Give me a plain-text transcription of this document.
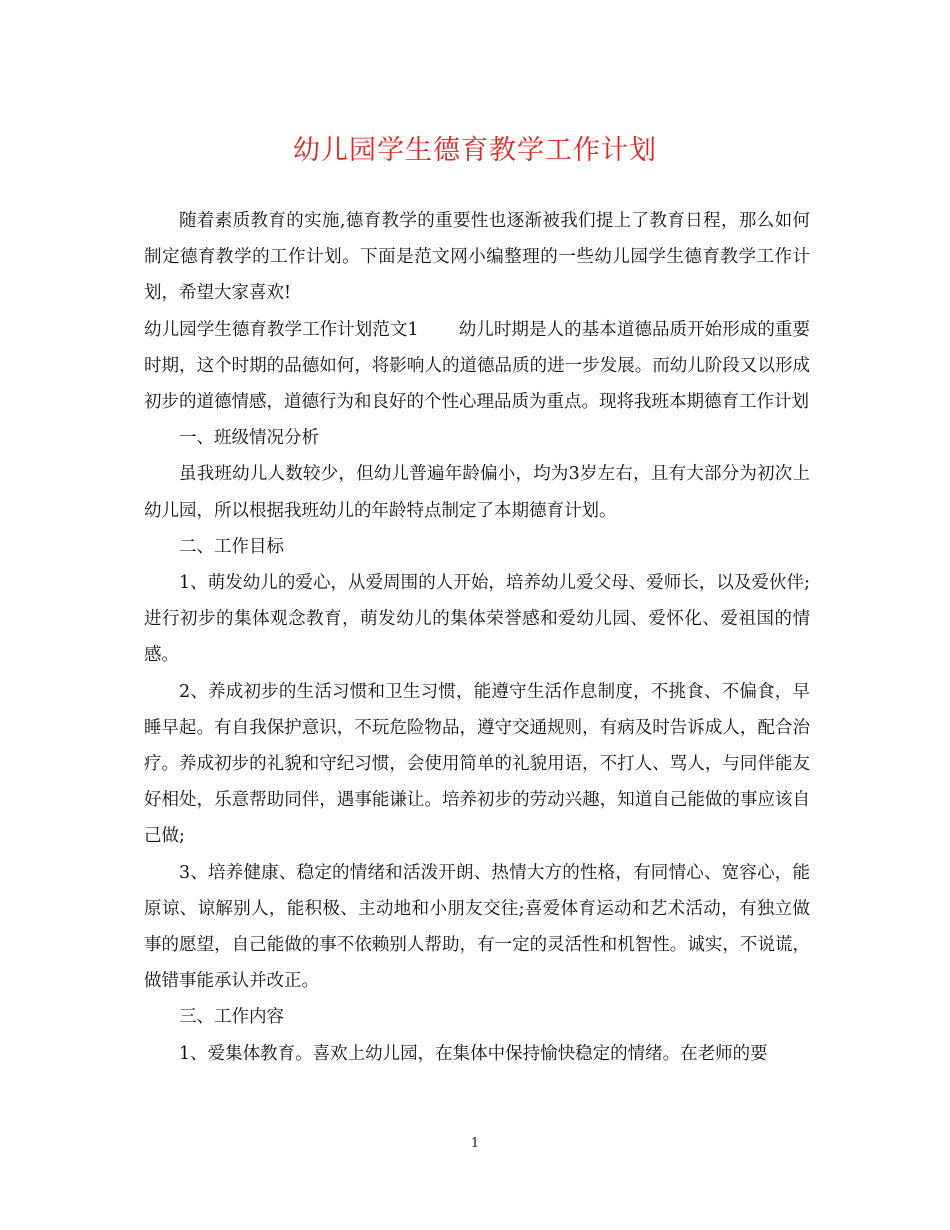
幼儿园学生德育教学工作计划

随着素质教育的实施,德育教学的重要性也逐渐被我们提上了教育日程，那么如何制定德育教学的工作计划。下面是范文网小编整理的一些幼儿园学生德育教学工作计划，希望大家喜欢!

幼儿园学生德育教学工作计划范文1 幼儿时期是人的基本道德品质开始形成的重要时期，这个时期的品德如何，将影响人的道德品质的进一步发展。而幼儿阶段又以形成初步的道德情感，道德行为和良好的个性心理品质为重点。现将我班本期德育工作计划

一、班级情况分析

虽我班幼儿人数较少，但幼儿普遍年龄偏小，均为3岁左右，且有大部分为初次上幼儿园，所以根据我班幼儿的年龄特点制定了本期德育计划。

二、工作目标

1、萌发幼儿的爱心，从爱周围的人开始，培养幼儿爱父母、爱师长，以及爱伙伴;进行初步的集体观念教育，萌发幼儿的集体荣誉感和爱幼儿园、爱怀化、爱祖国的情感。

2、养成初步的生活习惯和卫生习惯，能遵守生活作息制度，不挑食、不偏食，早睡早起。有自我保护意识，不玩危险物品，遵守交通规则，有病及时告诉成人，配合治疗。养成初步的礼貌和守纪习惯，会使用简单的礼貌用语，不打人、骂人，与同伴能友好相处，乐意帮助同伴，遇事能谦让。培养初步的劳动兴趣，知道自己能做的事应该自己做;

3、培养健康、稳定的情绪和活泼开朗、热情大方的性格，有同情心、宽容心，能原谅、谅解别人，能积极、主动地和小朋友交往;喜爱体育运动和艺术活动，有独立做事的愿望，自己能做的事不依赖别人帮助，有一定的灵活性和机智性。诚实，不说谎，做错事能承认并改正。

三、工作内容

1、爱集体教育。喜欢上幼儿园，在集体中保持愉快稳定的情绪。在老师的要

1
